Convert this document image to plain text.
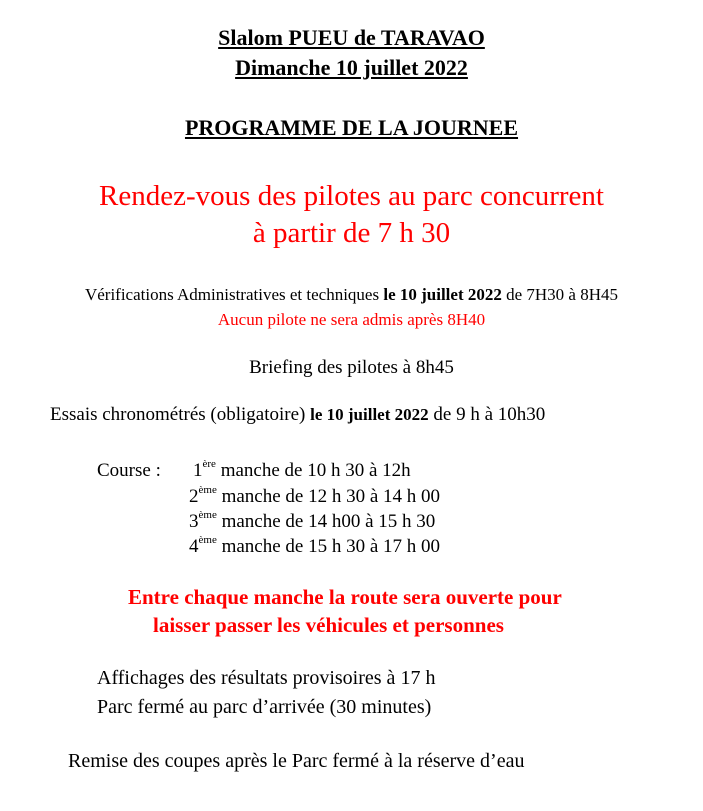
Slalom PUEU de TARAVAO
Dimanche 10 juillet 2022
PROGRAMME DE LA JOURNEE
Rendez-vous des pilotes au parc concurrent
à partir de 7 h 30
Vérifications Administratives et techniques le 10 juillet 2022 de 7H30 à 8H45
Aucun pilote ne sera admis après 8H40
Briefing des pilotes à 8h45
Essais chronométrés (obligatoire) le 10 juillet 2022 de 9 h à 10h30
Course : 1ère manche de 10 h 30 à 12h
2ème manche de 12 h 30 à 14 h 00
3ème manche de 14 h00 à 15 h 30
4ème manche de 15 h 30 à 17 h 00
Entre chaque manche la route sera ouverte pour
laisser passer les véhicules et personnes
Affichages des résultats provisoires à 17 h
Parc fermé au parc d’arrivée (30 minutes)
Remise des coupes après le Parc fermé à la réserve d’eau
